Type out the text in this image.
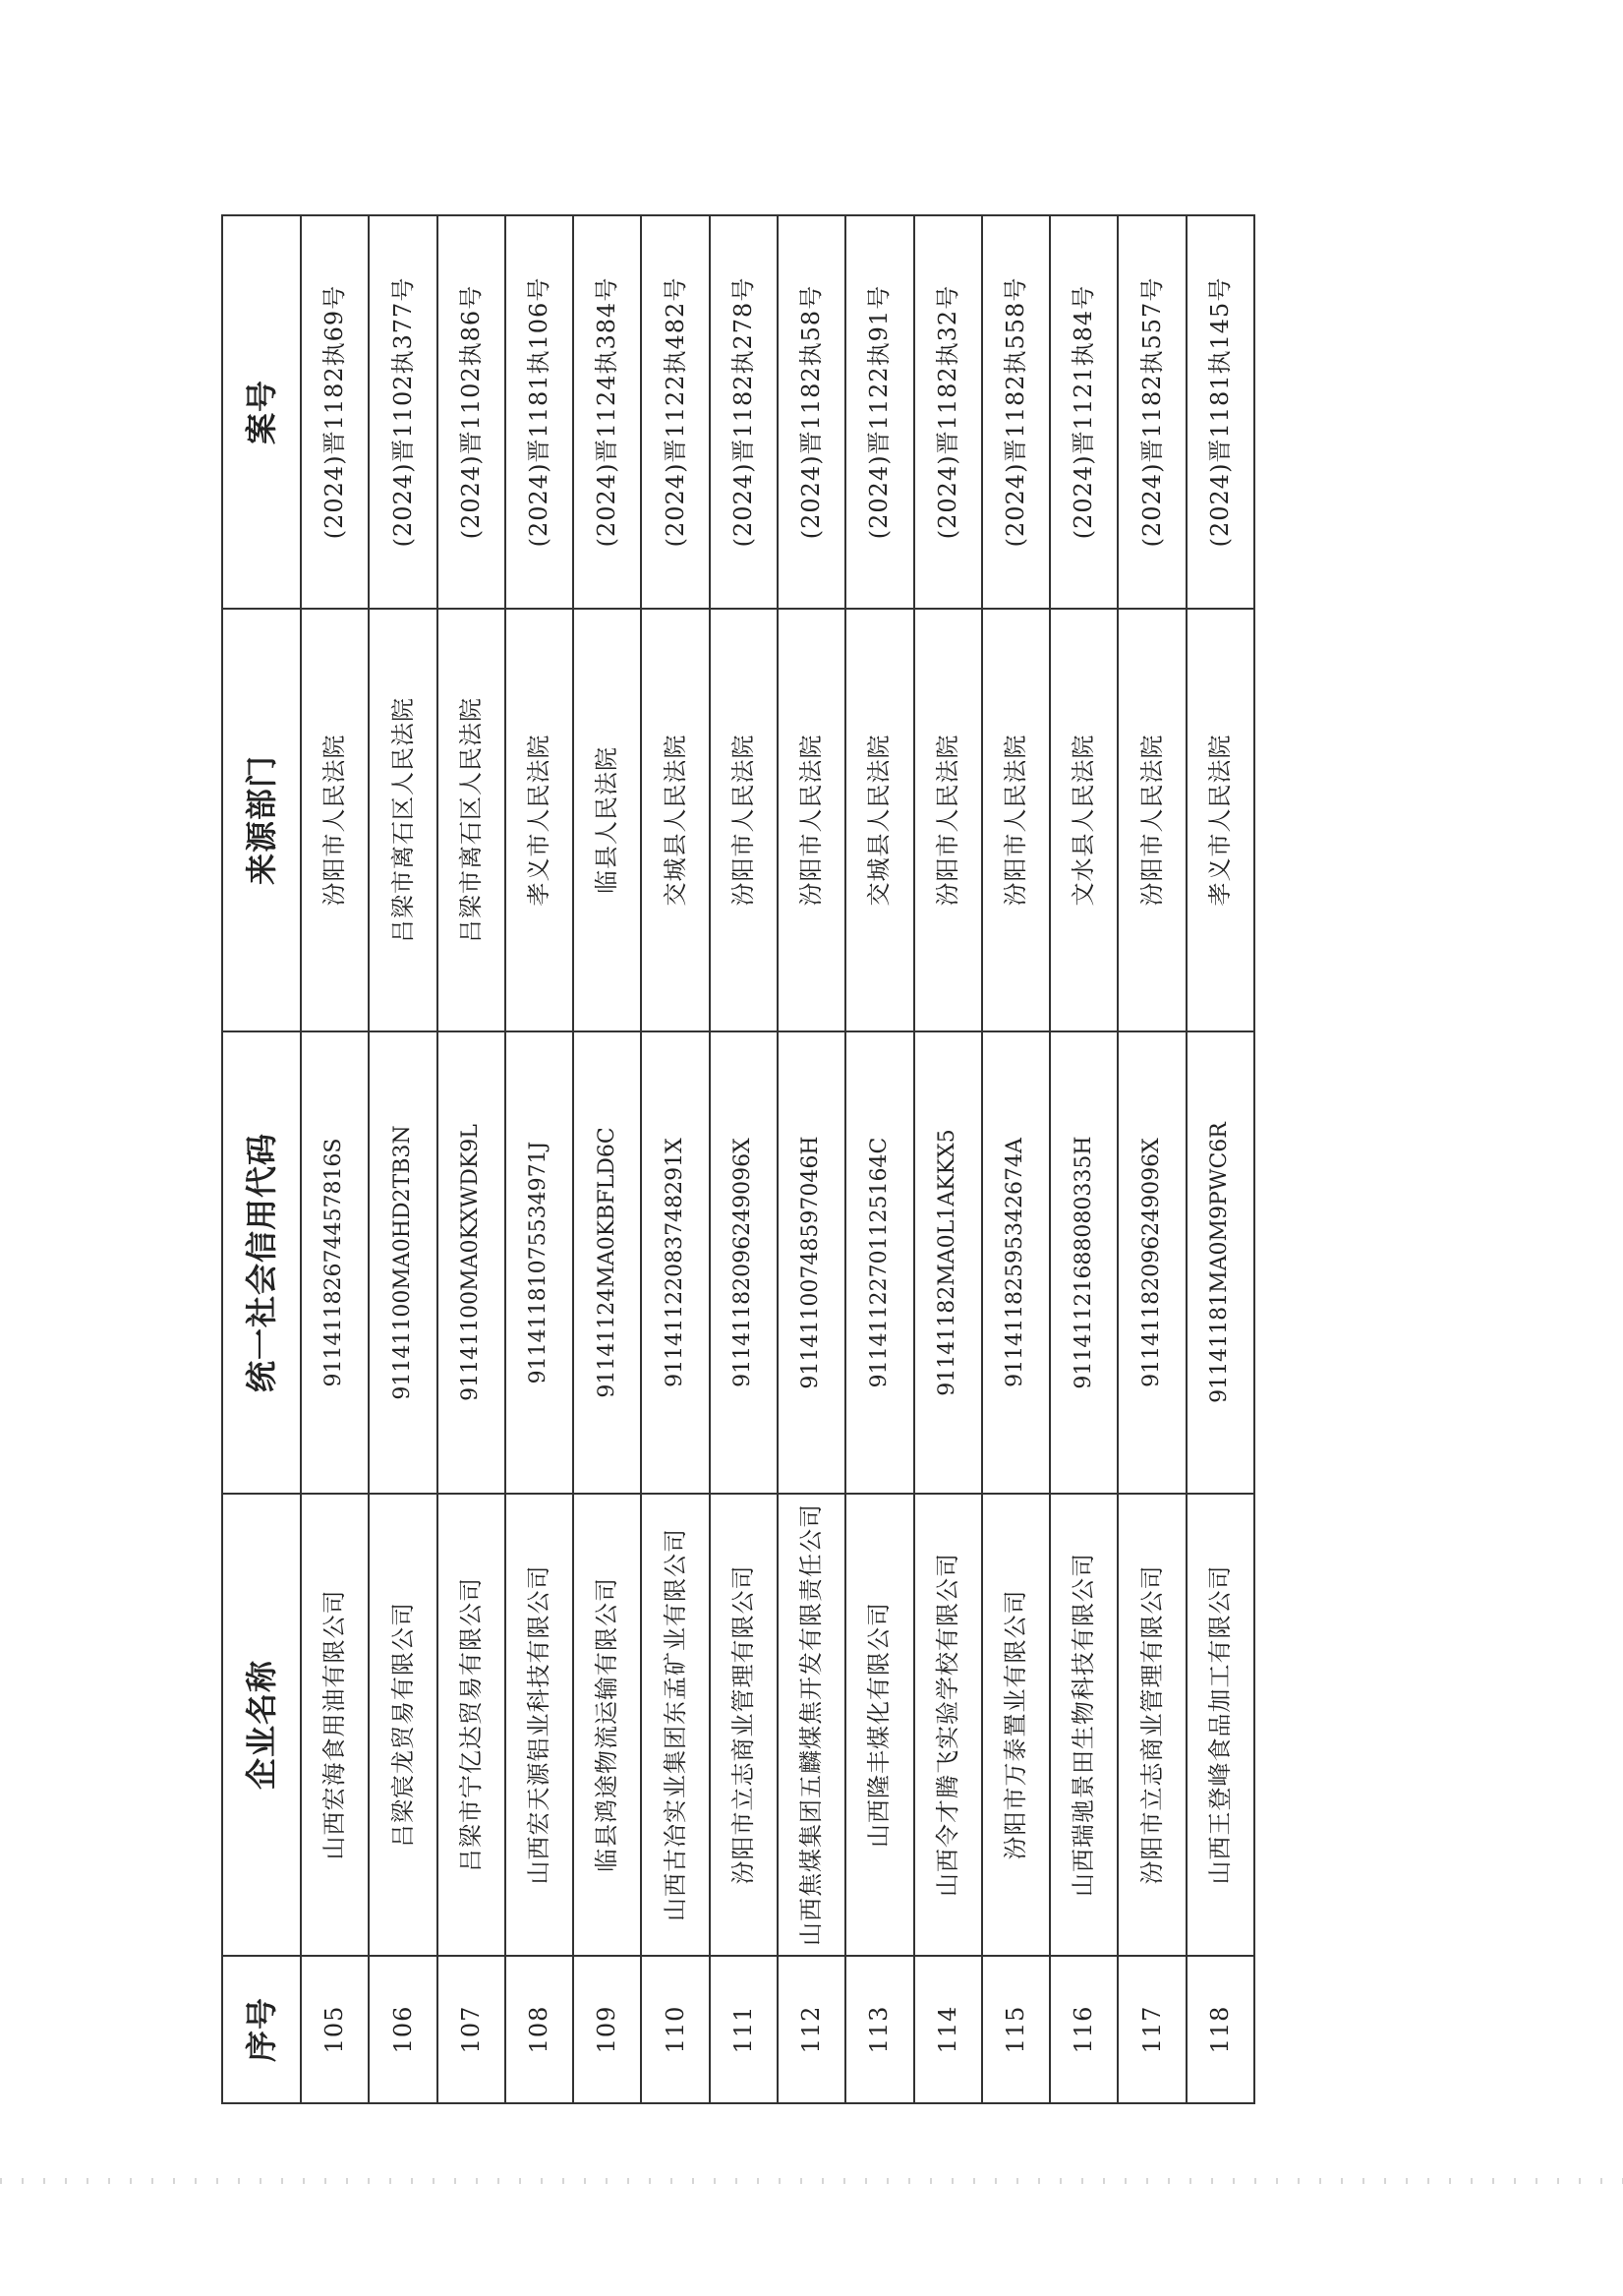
序号	企业名称	统一社会信用代码	来源部门	案号
105	山西宏海食用油有限公司	91141182674457816S	汾阳市人民法院	(2024)晋1182执69号
106	吕梁宸龙贸易有限公司	91141100MA0HD2TB3N	吕梁市离石区人民法院	(2024)晋1102执377号
107	吕梁市宁亿达贸易有限公司	91141100MA0KXWDK9L	吕梁市离石区人民法院	(2024)晋1102执86号
108	山西宏天源铝业科技有限公司	91141181075534971J	孝义市人民法院	(2024)晋1181执106号
109	临县鸿途物流运输有限公司	91141124MA0KBFLD6C	临县人民法院	(2024)晋1124执384号
110	山西古冶实业集团东孟矿业有限公司	91141122083748291X	交城县人民法院	(2024)晋1122执482号
111	汾阳市立志商业管理有限公司	91141182096249096X	汾阳市人民法院	(2024)晋1182执278号
112	山西焦煤集团五麟煤焦开发有限责任公司	91141100748597046H	汾阳市人民法院	(2024)晋1182执58号
113	山西隆丰煤化有限公司	91141122701125164C	交城县人民法院	(2024)晋1122执91号
114	山西令才腾飞实验学校有限公司	91141182MA0L1AKKX5	汾阳市人民法院	(2024)晋1182执32号
115	汾阳市万泰置业有限公司	91141182595342674A	汾阳市人民法院	(2024)晋1182执558号
116	山西瑞驰景田生物科技有限公司	91141121688080335H	文水县人民法院	(2024)晋1121执84号
117	汾阳市立志商业管理有限公司	91141182096249096X	汾阳市人民法院	(2024)晋1182执557号
118	山西王登峰食品加工有限公司	91141181MA0M9PWC6R	孝义市人民法院	(2024)晋1181执145号
